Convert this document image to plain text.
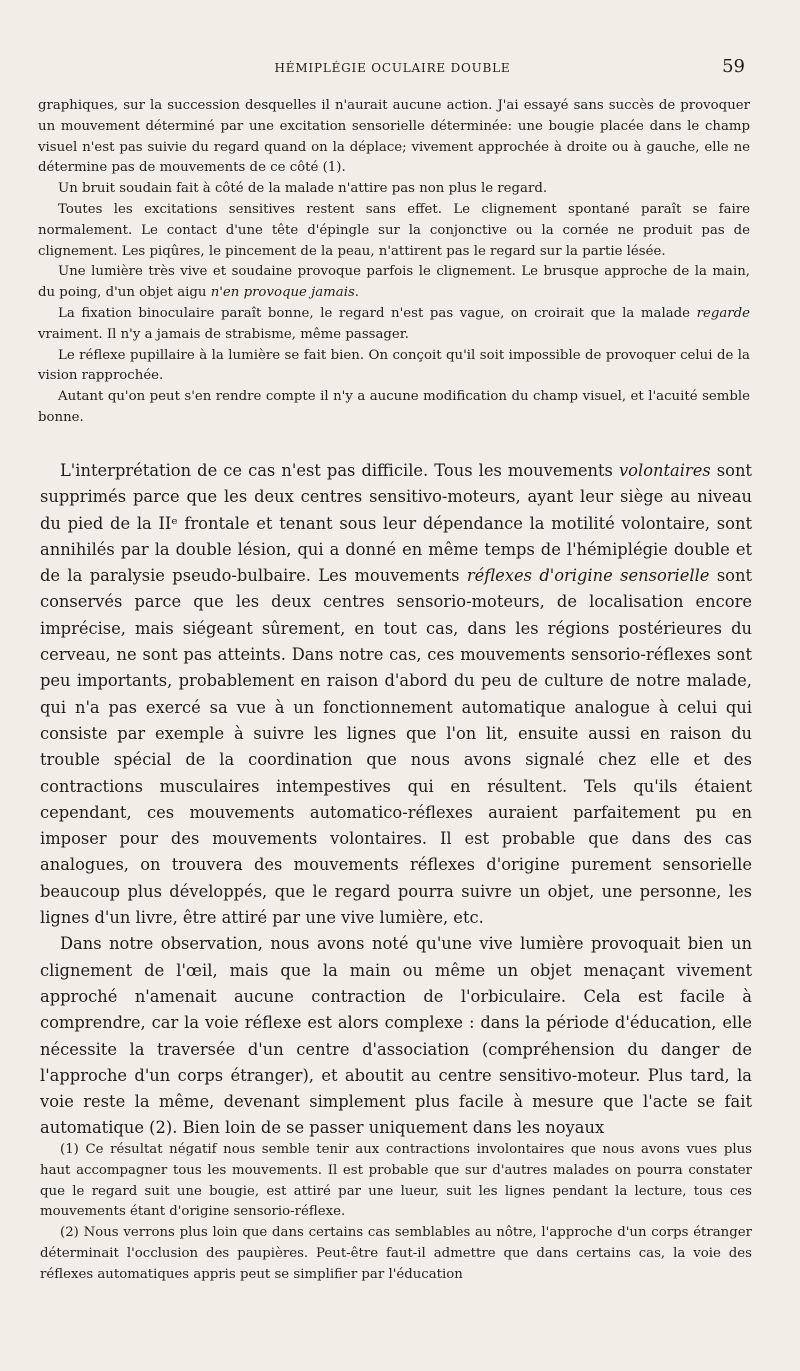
HÉMIPLÉGIE OCULAIRE DOUBLE	59

graphiques, sur la succession desquelles il n'aurait aucune action. J'ai essayé sans succès de provoquer un mouvement déterminé par une excitation sensorielle déterminée: une bougie placée dans le champ visuel n'est pas suivie du regard quand on la déplace; vivement approchée à droite ou à gauche, elle ne détermine pas de mouvements de ce côté (1).

Un bruit soudain fait à côté de la malade n'attire pas non plus le regard.

Toutes les excitations sensitives restent sans effet. Le clignement spontané paraît se faire normalement. Le contact d'une tête d'épingle sur la conjonctive ou la cornée ne produit pas de clignement. Les piqûres, le pincement de la peau, n'attirent pas le regard sur la partie lésée.

Une lumière très vive et soudaine provoque parfois le clignement. Le brusque approche de la main, du poing, d'un objet aigu n'en provoque jamais.

La fixation binoculaire paraît bonne, le regard n'est pas vague, on croirait que la malade regarde vraiment. Il n'y a jamais de strabisme, même passager.

Le réflexe pupillaire à la lumière se fait bien. On conçoit qu'il soit impossible de provoquer celui de la vision rapprochée.

Autant qu'on peut s'en rendre compte il n'y a aucune modification du champ visuel, et l'acuité semble bonne.

L'interprétation de ce cas n'est pas difficile. Tous les mouvements volontaires sont supprimés parce que les deux centres sensitivo-moteurs, ayant leur siège au niveau du pied de la IIᵉ frontale et tenant sous leur dépendance la motilité volontaire, sont annihilés par la double lésion, qui a donné en même temps de l'hémiplégie double et de la paralysie pseudo-bulbaire. Les mouvements réflexes d'origine sensorielle sont conservés parce que les deux centres sensorio-moteurs, de localisation encore imprécise, mais siégeant sûrement, en tout cas, dans les régions postérieures du cerveau, ne sont pas atteints. Dans notre cas, ces mouvements sensorio-réflexes sont peu importants, probablement en raison d'abord du peu de culture de notre malade, qui n'a pas exercé sa vue à un fonctionnement automatique analogue à celui qui consiste par exemple à suivre les lignes que l'on lit, ensuite aussi en raison du trouble spécial de la coordination que nous avons signalé chez elle et des contractions musculaires intempestives qui en résultent. Tels qu'ils étaient cependant, ces mouvements automatico-réflexes auraient parfaitement pu en imposer pour des mouvements volontaires. Il est probable que dans des cas analogues, on trouvera des mouvements réflexes d'origine purement sensorielle beaucoup plus développés, que le regard pourra suivre un objet, une personne, les lignes d'un livre, être attiré par une vive lumière, etc.

Dans notre observation, nous avons noté qu'une vive lumière provoquait bien un clignement de l'œil, mais que la main ou même un objet menaçant vivement approché n'amenait aucune contraction de l'orbiculaire. Cela est facile à comprendre, car la voie réflexe est alors complexe : dans la période d'éducation, elle nécessite la traversée d'un centre d'association (compréhension du danger de l'approche d'un corps étranger), et aboutit au centre sensitivo-moteur. Plus tard, la voie reste la même, devenant simplement plus facile à mesure que l'acte se fait automatique (2). Bien loin de se passer uniquement dans les noyaux

(1) Ce résultat négatif nous semble tenir aux contractions involontaires que nous avons vues plus haut accompagner tous les mouvements. Il est probable que sur d'autres malades on pourra constater que le regard suit une bougie, est attiré par une lueur, suit les lignes pendant la lecture, tous ces mouvements étant d'origine sensorio-réflexe.

(2) Nous verrons plus loin que dans certains cas semblables au nôtre, l'approche d'un corps étranger déterminait l'occlusion des paupières. Peut-être faut-il admettre que dans certains cas, la voie des réflexes automatiques appris peut se simplifier par l'éducation
